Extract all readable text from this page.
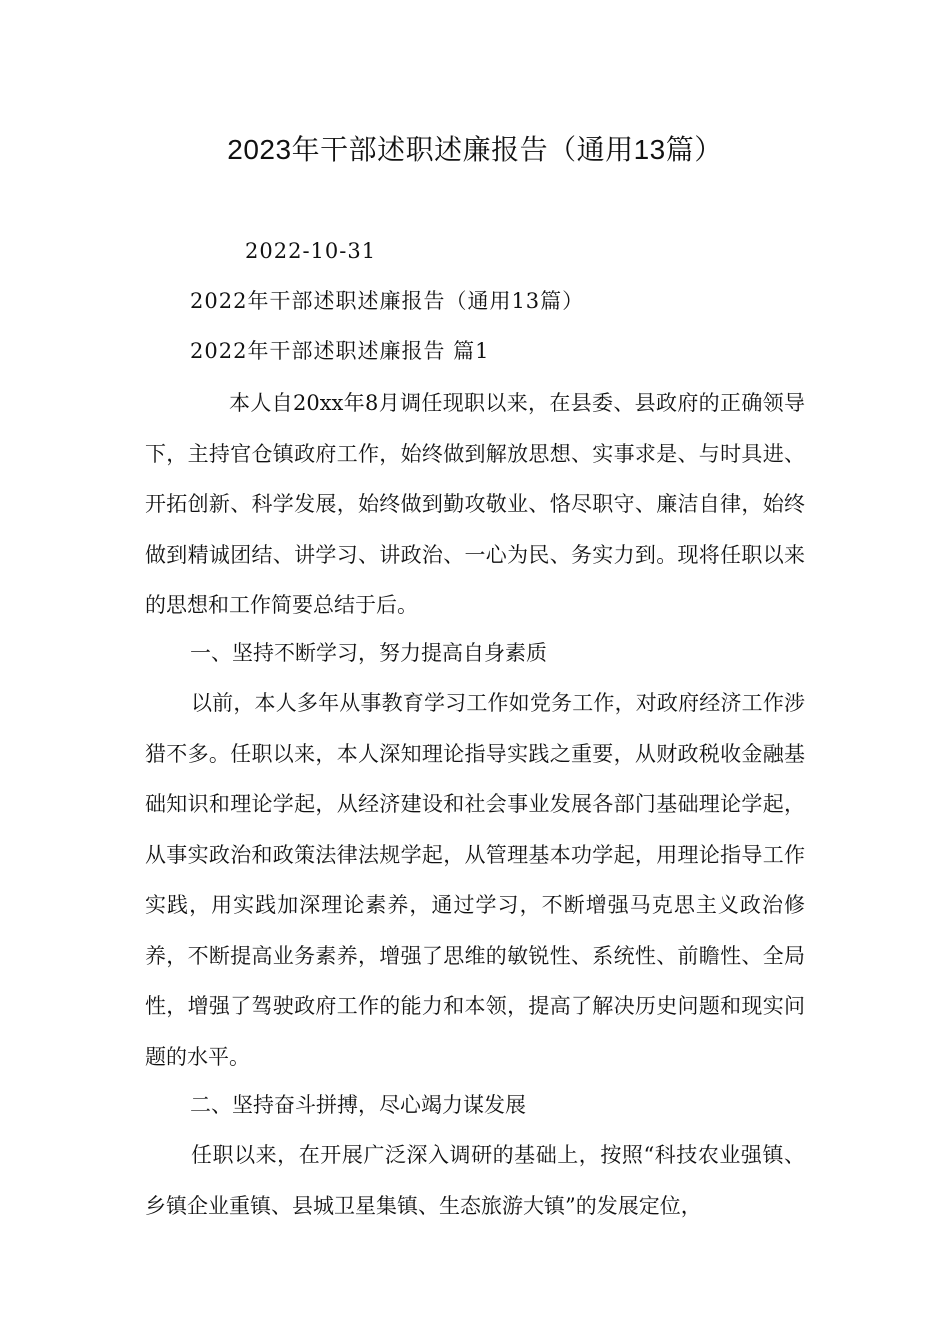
2023年干部述职述廉报告（通用13篇）

2022-10-31

2022年干部述职述廉报告（通用13篇）

2022年干部述职述廉报告 篇1

本人自20xx年8月调任现职以来，在县委、县政府的正确领导下，主持官仓镇政府工作，始终做到解放思想、实事求是、与时具进、开拓创新、科学发展，始终做到勤攻敬业、恪尽职守、廉洁自律，始终做到精诚团结、讲学习、讲政治、一心为民、务实力到。现将任职以来的思想和工作简要总结于后。

一、坚持不断学习，努力提高自身素质

以前，本人多年从事教育学习工作如党务工作，对政府经济工作涉猎不多。任职以来，本人深知理论指导实践之重要，从财政税收金融基础知识和理论学起，从经济建设和社会事业发展各部门基础理论学起，从事实政治和政策法律法规学起，从管理基本功学起，用理论指导工作实践，用实践加深理论素养，通过学习，不断增强马克思主义政治修养，不断提高业务素养，增强了思维的敏锐性、系统性、前瞻性、全局性，增强了驾驶政府工作的能力和本领，提高了解决历史问题和现实问题的水平。

二、坚持奋斗拼搏，尽心竭力谋发展

任职以来，在开展广泛深入调研的基础上，按照“科技农业强镇、乡镇企业重镇、县城卫星集镇、生态旅游大镇”的发展定位，
